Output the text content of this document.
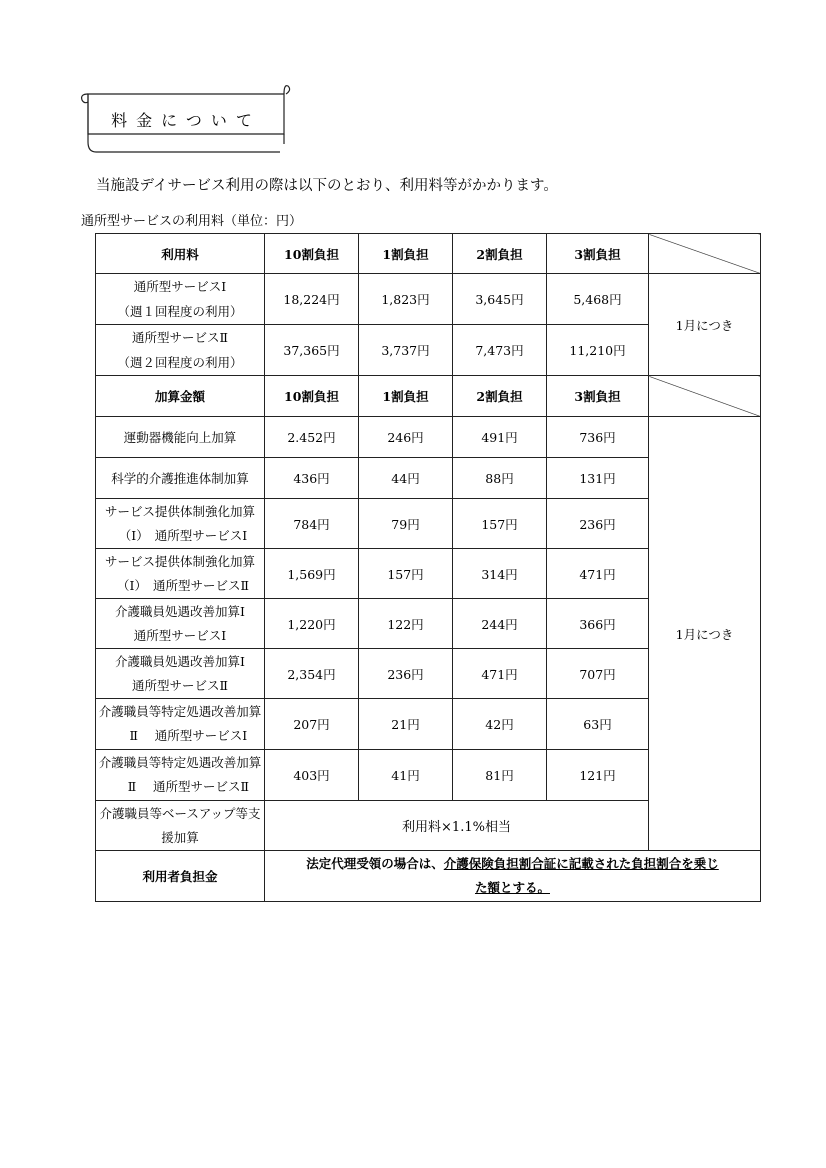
料金について
当施設デイサービス利用の際は以下のとおり、利用料等がかかります。
通所型サービスの利用料（単位：円）
利用料	10割負担	1割負担	2割負担	3割負担	

通所型サービスⅠ
（週１回程度の利用）	18,224円	1,823円	3,645円	5,468円	1月につき

通所型サービスⅡ
（週２回程度の利用）	37,365円	3,737円	7,473円	11,210円	
加算金額	10割負担	1割負担	2割負担	3割負担	
運動器機能向上加算	2.452円	246円	491円	736円	1月につき
科学的介護推進体制加算	436円	44円	88円	131円	

サービス提供体制強化加算
（Ⅰ） 通所型サービスⅠ	784円	79円	157円	236円	

サービス提供体制強化加算
（Ⅰ） 通所型サービスⅡ	1,569円	157円	314円	471円	

介護職員処遇改善加算Ⅰ
通所型サービスⅠ	1,220円	122円	244円	366円	

介護職員処遇改善加算Ⅰ
通所型サービスⅡ	2,354円	236円	471円	707円	

介護職員等特定処遇改善加算
Ⅱ 通所型サービスⅠ	207円	21円	42円	63円	

介護職員等特定処遇改善加算
Ⅱ 通所型サービスⅡ	403円	41円	81円	121円	

介護職員等ベースアップ等支
援加算	利用料×1.1%相当				
利用者負担金	法定代理受領の場合は、介護保険負担割合証に記載された負担割合を乗じ
た額とする。				
